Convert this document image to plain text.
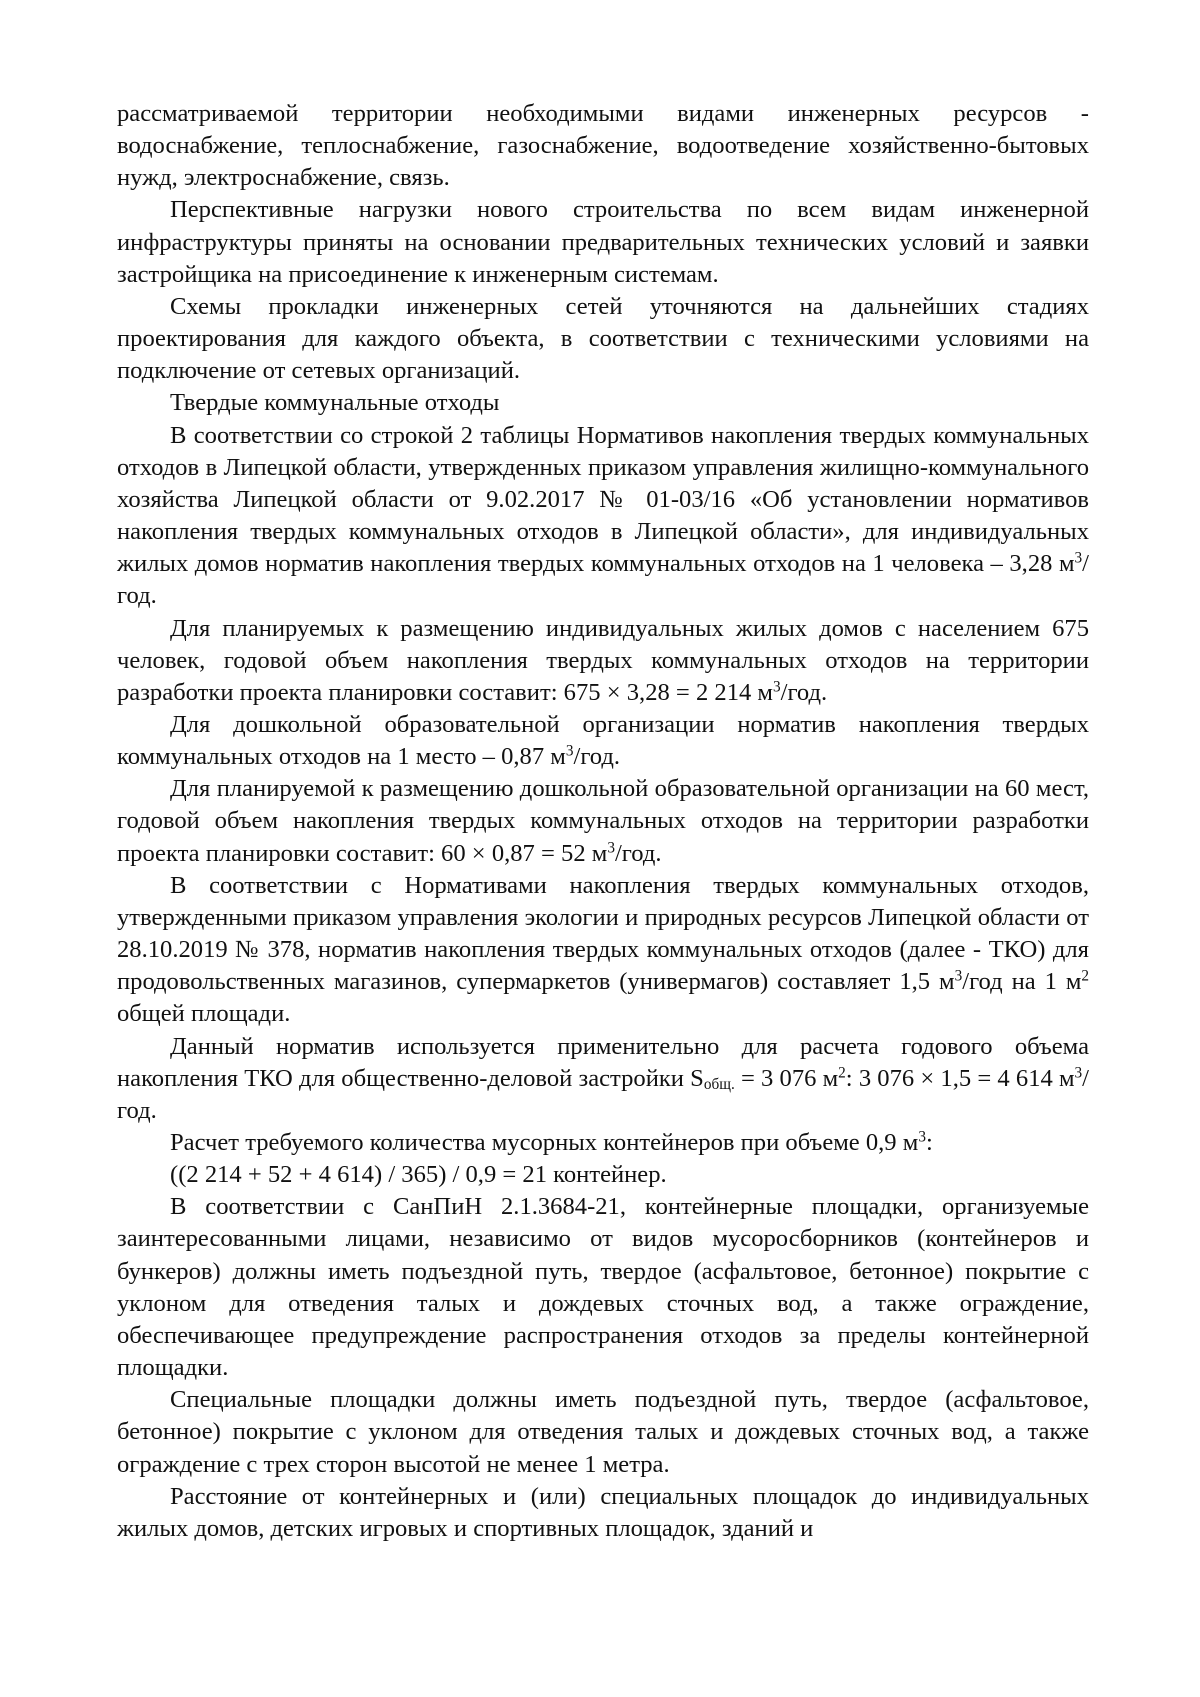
рассматриваемой территории необходимыми видами инженерных ресурсов - водоснабжение, теплоснабжение, газоснабжение, водоотведение хозяйственно-бытовых нужд, электроснабжение, связь.

Перспективные нагрузки нового строительства по всем видам инженерной инфраструктуры приняты на основании предварительных технических условий и заявки застройщика на присоединение к инженерным системам.

Схемы прокладки инженерных сетей уточняются на дальнейших стадиях проектирования для каждого объекта, в соответствии с техническими условиями на подключение от сетевых организаций.

Твердые коммунальные отходы

В соответствии со строкой 2 таблицы Нормативов накопления твердых коммунальных отходов в Липецкой области, утвержденных приказом управления жилищно-коммунального хозяйства Липецкой области от 9.02.2017 № 01-03/16 «Об установлении нормативов накопления твердых коммунальных отходов в Липецкой области», для индивидуальных жилых домов норматив накопления твердых коммунальных отходов на 1 человека – 3,28 $м^3$/год.

Для планируемых к размещению индивидуальных жилых домов с населением 675 человек, годовой объем накопления твердых коммунальных отходов на территории разработки проекта планировки составит: 675 × 3,28 = 2 214 $м^3$/год.

Для дошкольной образовательной организации норматив накопления твердых коммунальных отходов на 1 место – 0,87 $м^3$/год.

Для планируемой к размещению дошкольной образовательной организации на 60 мест, годовой объем накопления твердых коммунальных отходов на территории разработки проекта планировки составит: 60 × 0,87 = 52 $м^3$/год.

В соответствии с Нормативами накопления твердых коммунальных отходов, утвержденными приказом управления экологии и природных ресурсов Липецкой области от 28.10.2019 № 378, норматив накопления твердых коммунальных отходов (далее - ТКО) для продовольственных магазинов, супермаркетов (универмагов) составляет 1,5 $м^3$/год на 1 $м^2$ общей площади.

Данный норматив используется применительно для расчета годового объема накопления ТКО для общественно-деловой застройки $S_{общ.} = 3$ 076 $м^2$: 3 076 × 1,5 = 4 614 $м^3$/год.

Расчет требуемого количества мусорных контейнеров при объеме 0,9 $м^3$:

((2 214 + 52 + 4 614) / 365) / 0,9 = 21 контейнер.

В соответствии с СанПиН 2.1.3684-21, контейнерные площадки, организуемые заинтересованными лицами, независимо от видов мусоросборников (контейнеров и бункеров) должны иметь подъездной путь, твердое (асфальтовое, бетонное) покрытие с уклоном для отведения талых и дождевых сточных вод, а также ограждение, обеспечивающее предупреждение распространения отходов за пределы контейнерной площадки.

Специальные площадки должны иметь подъездной путь, твердое (асфальтовое, бетонное) покрытие с уклоном для отведения талых и дождевых сточных вод, а также ограждение с трех сторон высотой не менее 1 метра.

Расстояние от контейнерных и (или) специальных площадок до индивидуальных жилых домов, детских игровых и спортивных площадок, зданий и
